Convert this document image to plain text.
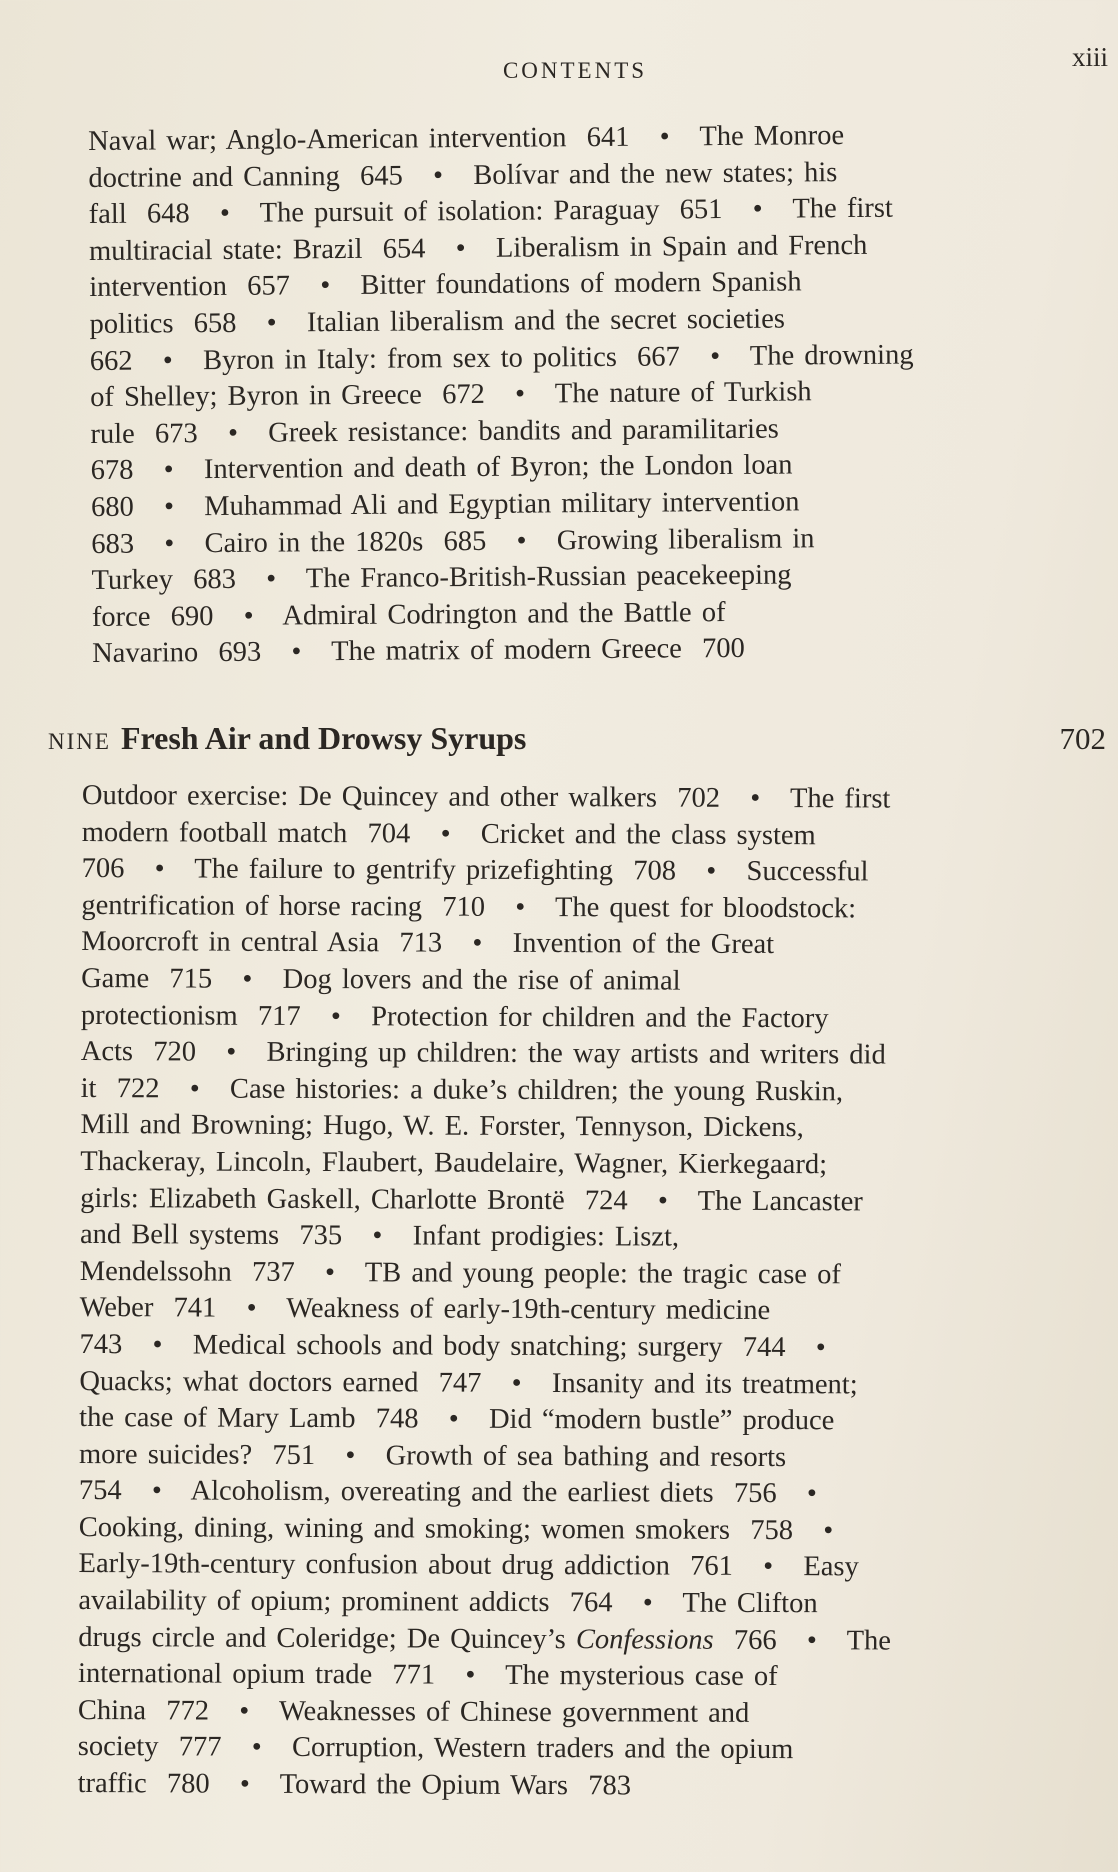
CONTENTS	xiii
Naval war; Anglo-American intervention  641  •  The Monroe
doctrine and Canning  645  •  Bolívar and the new states; his
fall  648  •  The pursuit of isolation: Paraguay  651  •  The first
multiracial state: Brazil  654  •  Liberalism in Spain and French
intervention  657  •  Bitter foundations of modern Spanish
politics  658  •  Italian liberalism and the secret societies
662  •  Byron in Italy: from sex to politics  667  •  The drowning
of Shelley; Byron in Greece  672  •  The nature of Turkish
rule  673  •  Greek resistance: bandits and paramilitaries
678  •  Intervention and death of Byron; the London loan
680  •  Muhammad Ali and Egyptian military intervention
683  •  Cairo in the 1820s  685  •  Growing liberalism in
Turkey  683  •  The Franco-British-Russian peacekeeping
force  690  •  Admiral Codrington and the Battle of
Navarino  693  •  The matrix of modern Greece  700
NINE Fresh Air and Drowsy Syrups	702
Outdoor exercise: De Quincey and other walkers  702  •  The first
modern football match  704  •  Cricket and the class system
706  •  The failure to gentrify prizefighting  708  •  Successful
gentrification of horse racing  710  •  The quest for bloodstock:
Moorcroft in central Asia  713  •  Invention of the Great
Game  715  •  Dog lovers and the rise of animal
protectionism  717  •  Protection for children and the Factory
Acts  720  •  Bringing up children: the way artists and writers did
it  722  •  Case histories: a duke’s children; the young Ruskin,
Mill and Browning; Hugo, W. E. Forster, Tennyson, Dickens,
Thackeray, Lincoln, Flaubert, Baudelaire, Wagner, Kierkegaard;
girls: Elizabeth Gaskell, Charlotte Brontë  724  •  The Lancaster
and Bell systems  735  •  Infant prodigies: Liszt,
Mendelssohn  737  •  TB and young people: the tragic case of
Weber  741  •  Weakness of early-19th-century medicine
743  •  Medical schools and body snatching; surgery  744  •
Quacks; what doctors earned  747  •  Insanity and its treatment;
the case of Mary Lamb  748  •  Did “modern bustle” produce
more suicides?  751  •  Growth of sea bathing and resorts
754  •  Alcoholism, overeating and the earliest diets  756  •
Cooking, dining, wining and smoking; women smokers  758  •
Early-19th-century confusion about drug addiction  761  •  Easy
availability of opium; prominent addicts  764  •  The Clifton
drugs circle and Coleridge; De Quincey’s Confessions  766  •  The
international opium trade  771  •  The mysterious case of
China  772  •  Weaknesses of Chinese government and
society  777  •  Corruption, Western traders and the opium
traffic  780  •  Toward the Opium Wars  783
